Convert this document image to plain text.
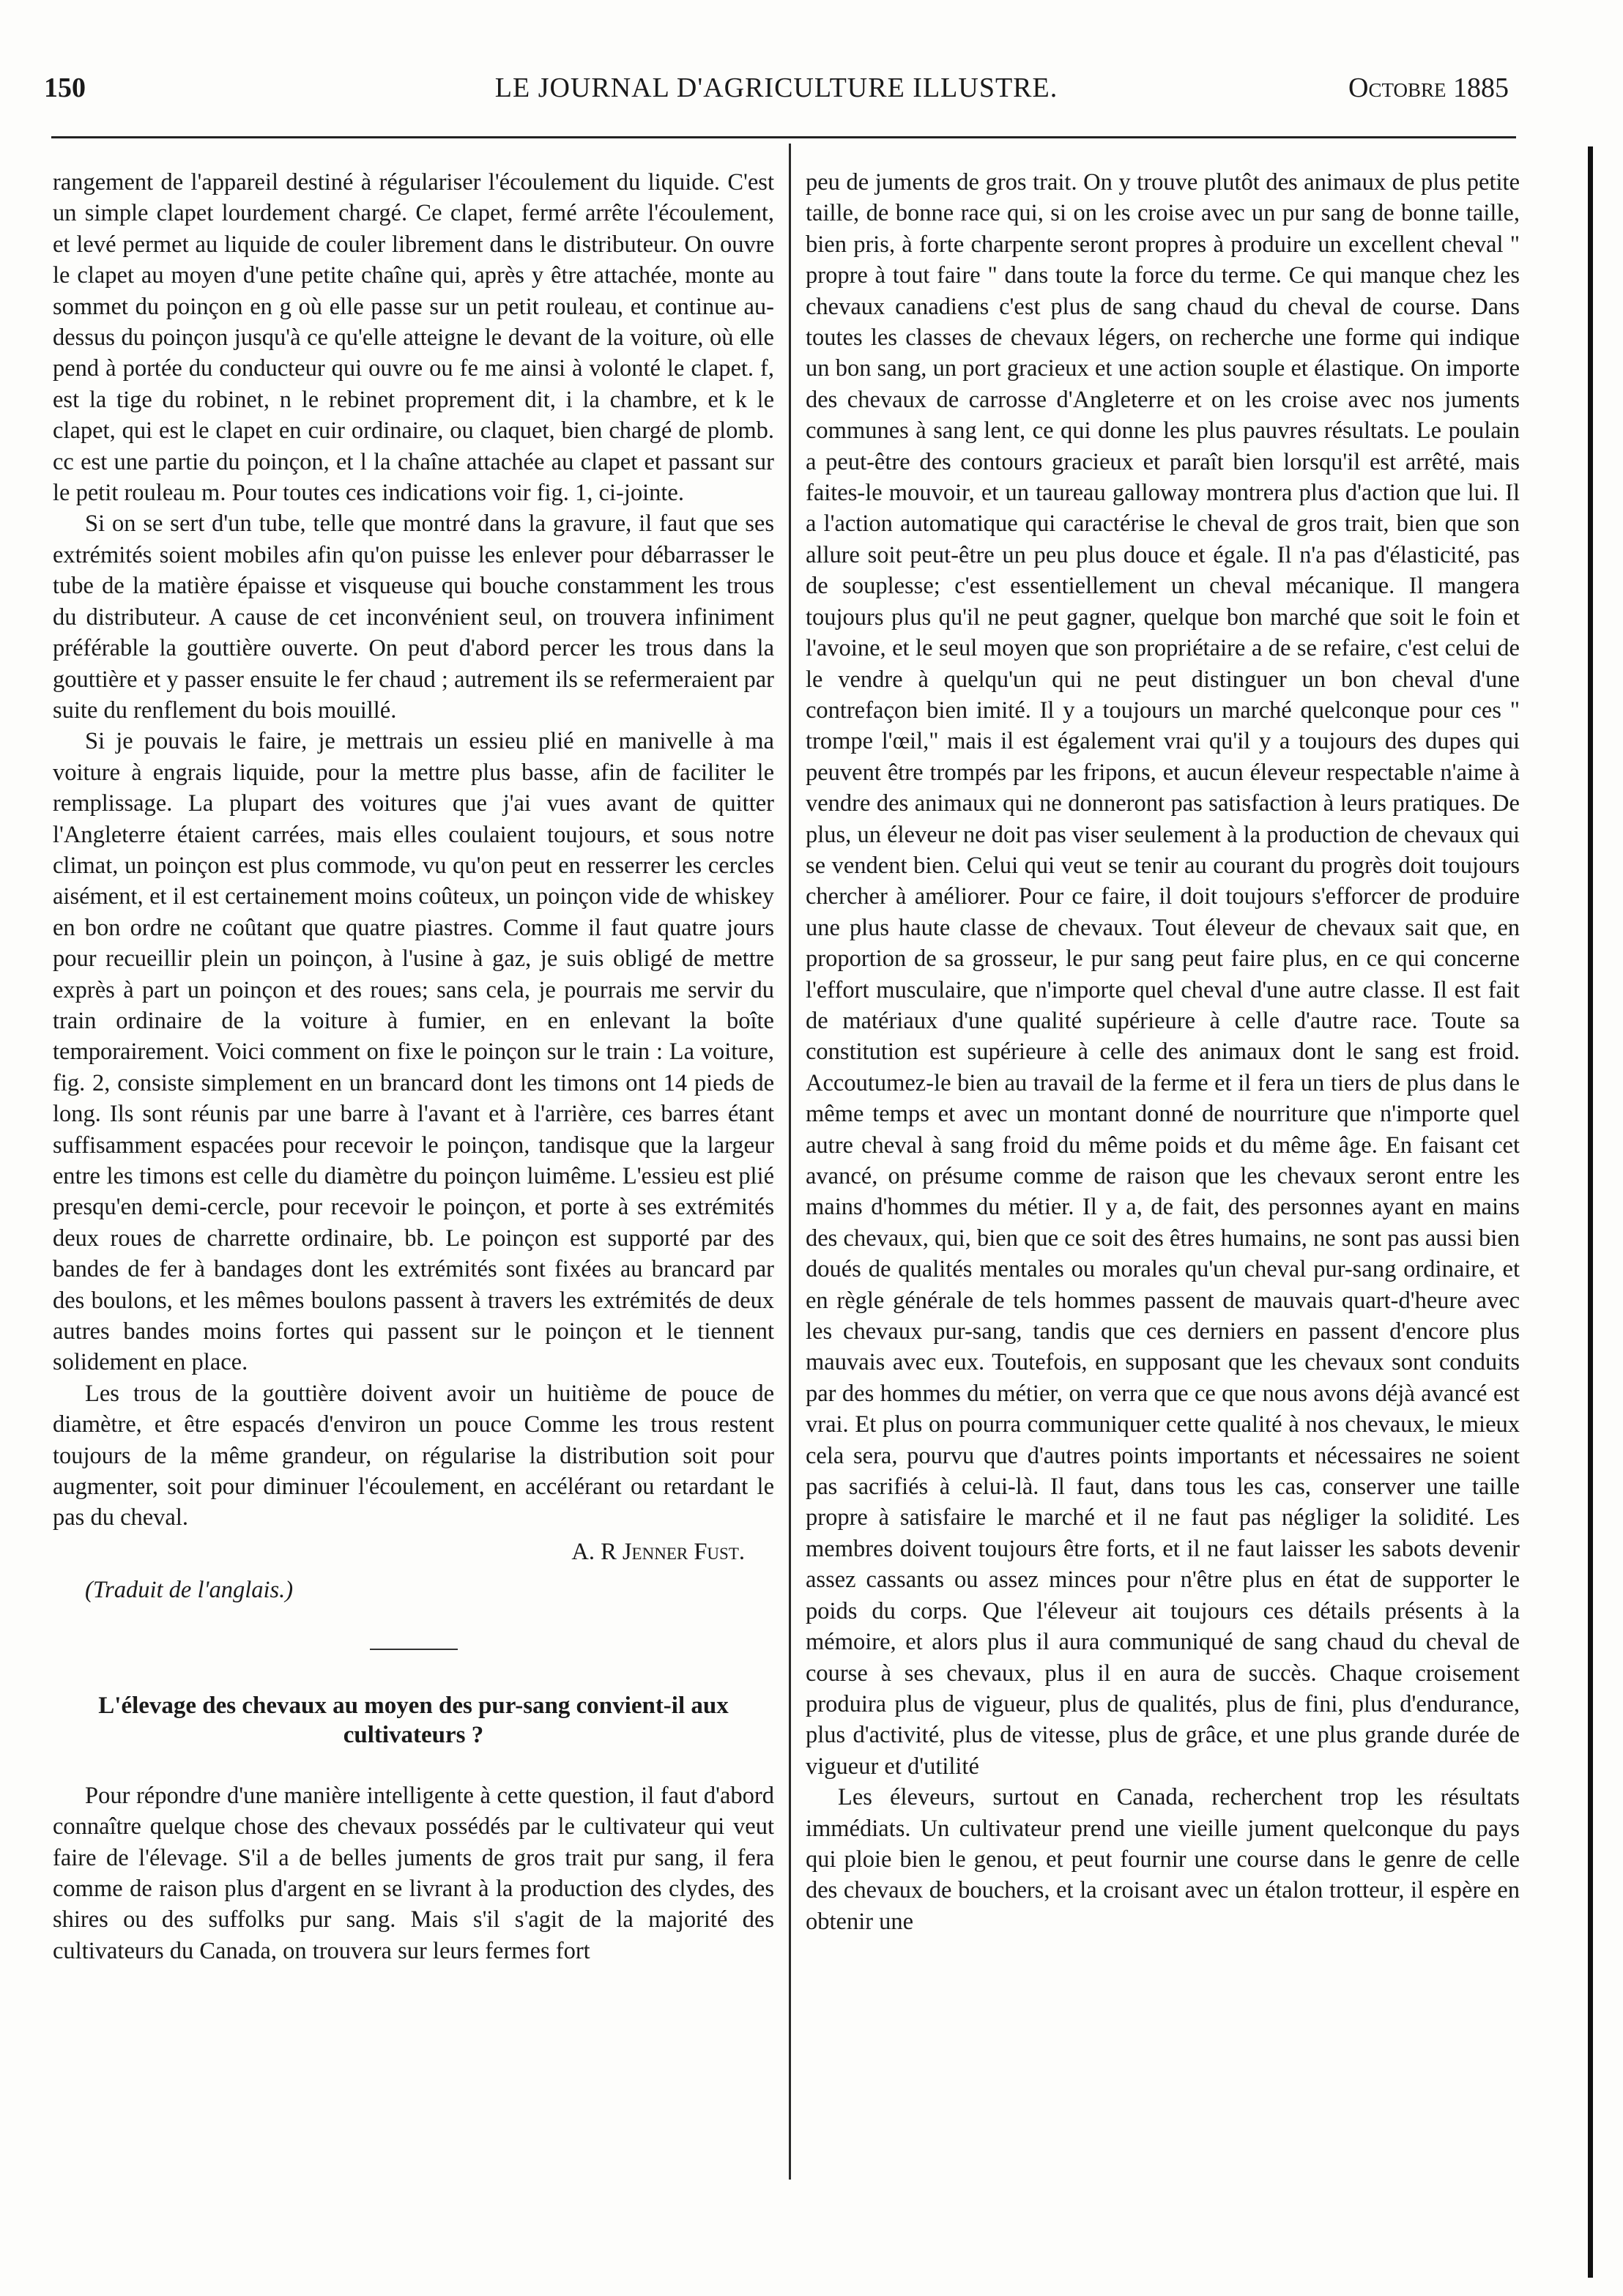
150	LE JOURNAL D'AGRICULTURE ILLUSTRE.	Octobre 1885

rangement de l'appareil destiné à régulariser l'écoulement du liquide. C'est un simple clapet lourdement chargé. Ce clapet, fermé arrête l'écoulement, et levé permet au liquide de couler librement dans le distributeur. On ouvre le clapet au moyen d'une petite chaîne qui, après y être attachée, monte au sommet du poinçon en g où elle passe sur un petit rouleau, et continue au-dessus du poinçon jusqu'à ce qu'elle atteigne le devant de la voiture, où elle pend à portée du conducteur qui ouvre ou fe me ainsi à volonté le clapet. f, est la tige du robinet, n le rebinet proprement dit, i la chambre, et k le clapet, qui est le clapet en cuir ordinaire, ou claquet, bien chargé de plomb. cc est une partie du poinçon, et l la chaîne attachée au clapet et passant sur le petit rouleau m. Pour toutes ces indications voir fig. 1, ci-jointe.

Si on se sert d'un tube, telle que montré dans la gravure, il faut que ses extrémités soient mobiles afin qu'on puisse les enlever pour débarrasser le tube de la matière épaisse et visqueuse qui bouche constamment les trous du distributeur. A cause de cet inconvénient seul, on trouvera infiniment préférable la gouttière ouverte. On peut d'abord percer les trous dans la gouttière et y passer ensuite le fer chaud ; autrement ils se refermeraient par suite du renflement du bois mouillé.

Si je pouvais le faire, je mettrais un essieu plié en manivelle à ma voiture à engrais liquide, pour la mettre plus basse, afin de faciliter le remplissage. La plupart des voitures que j'ai vues avant de quitter l'Angleterre étaient carrées, mais elles coulaient toujours, et sous notre climat, un poinçon est plus commode, vu qu'on peut en resserrer les cercles aisément, et il est certainement moins coûteux, un poinçon vide de whiskey en bon ordre ne coûtant que quatre piastres. Comme il faut quatre jours pour recueillir plein un poinçon, à l'usine à gaz, je suis obligé de mettre exprès à part un poinçon et des roues; sans cela, je pourrais me servir du train ordinaire de la voiture à fumier, en en enlevant la boîte temporairement. Voici comment on fixe le poinçon sur le train : La voiture, fig. 2, consiste simplement en un brancard dont les timons ont 14 pieds de long. Ils sont réunis par une barre à l'avant et à l'arrière, ces barres étant suffisamment espacées pour recevoir le poinçon, tandisque que la largeur entre les timons est celle du diamètre du poinçon luimême. L'essieu est plié presqu'en demi-cercle, pour recevoir le poinçon, et porte à ses extrémités deux roues de charrette ordinaire, bb. Le poinçon est supporté par des bandes de fer à bandages dont les extrémités sont fixées au brancard par des boulons, et les mêmes boulons passent à travers les extrémités de deux autres bandes moins fortes qui passent sur le poinçon et le tiennent solidement en place.

Les trous de la gouttière doivent avoir un huitième de pouce de diamètre, et être espacés d'environ un pouce Comme les trous restent toujours de la même grandeur, on régularise la distribution soit pour augmenter, soit pour diminuer l'écoulement, en accélérant ou retardant le pas du cheval.

A. R Jenner Fust.
(Traduit de l'anglais.)
L'élevage des chevaux au moyen des pur-sang convient-il aux cultivateurs ?

Pour répondre d'une manière intelligente à cette question, il faut d'abord connaître quelque chose des chevaux possédés par le cultivateur qui veut faire de l'élevage. S'il a de belles juments de gros trait pur sang, il fera comme de raison plus d'argent en se livrant à la production des clydes, des shires ou des suffolks pur sang. Mais s'il s'agit de la majorité des cultivateurs du Canada, on trouvera sur leurs fermes fort

peu de juments de gros trait. On y trouve plutôt des animaux de plus petite taille, de bonne race qui, si on les croise avec un pur sang de bonne taille, bien pris, à forte charpente seront propres à produire un excellent cheval " propre à tout faire " dans toute la force du terme. Ce qui manque chez les chevaux canadiens c'est plus de sang chaud du cheval de course. Dans toutes les classes de chevaux légers, on recherche une forme qui indique un bon sang, un port gracieux et une action souple et élastique. On importe des chevaux de carrosse d'Angleterre et on les croise avec nos juments communes à sang lent, ce qui donne les plus pauvres résultats. Le poulain a peut-être des contours gracieux et paraît bien lorsqu'il est arrêté, mais faites-le mouvoir, et un taureau galloway montrera plus d'action que lui. Il a l'action automatique qui caractérise le cheval de gros trait, bien que son allure soit peut-être un peu plus douce et égale. Il n'a pas d'élasticité, pas de souplesse; c'est essentiellement un cheval mécanique. Il mangera toujours plus qu'il ne peut gagner, quelque bon marché que soit le foin et l'avoine, et le seul moyen que son propriétaire a de se refaire, c'est celui de le vendre à quelqu'un qui ne peut distinguer un bon cheval d'une contrefaçon bien imité. Il y a toujours un marché quelconque pour ces " trompe l'œil," mais il est également vrai qu'il y a toujours des dupes qui peuvent être trompés par les fripons, et aucun éleveur respectable n'aime à vendre des animaux qui ne donneront pas satisfaction à leurs pratiques. De plus, un éleveur ne doit pas viser seulement à la production de chevaux qui se vendent bien. Celui qui veut se tenir au courant du progrès doit toujours chercher à améliorer. Pour ce faire, il doit toujours s'efforcer de produire une plus haute classe de chevaux. Tout éleveur de chevaux sait que, en proportion de sa grosseur, le pur sang peut faire plus, en ce qui concerne l'effort musculaire, que n'importe quel cheval d'une autre classe. Il est fait de matériaux d'une qualité supérieure à celle d'autre race. Toute sa constitution est supérieure à celle des animaux dont le sang est froid. Accoutumez-le bien au travail de la ferme et il fera un tiers de plus dans le même temps et avec un montant donné de nourriture que n'importe quel autre cheval à sang froid du même poids et du même âge. En faisant cet avancé, on présume comme de raison que les chevaux seront entre les mains d'hommes du métier. Il y a, de fait, des personnes ayant en mains des chevaux, qui, bien que ce soit des êtres humains, ne sont pas aussi bien doués de qualités mentales ou morales qu'un cheval pur-sang ordinaire, et en règle générale de tels hommes passent de mauvais quart-d'heure avec les chevaux pur-sang, tandis que ces derniers en passent d'encore plus mauvais avec eux. Toutefois, en supposant que les chevaux sont conduits par des hommes du métier, on verra que ce que nous avons déjà avancé est vrai. Et plus on pourra communiquer cette qualité à nos chevaux, le mieux cela sera, pourvu que d'autres points importants et nécessaires ne soient pas sacrifiés à celui-là. Il faut, dans tous les cas, conserver une taille propre à satisfaire le marché et il ne faut pas négliger la solidité. Les membres doivent toujours être forts, et il ne faut laisser les sabots devenir assez cassants ou assez minces pour n'être plus en état de supporter le poids du corps. Que l'éleveur ait toujours ces détails présents à la mémoire, et alors plus il aura communiqué de sang chaud du cheval de course à ses chevaux, plus il en aura de succès. Chaque croisement produira plus de vigueur, plus de qualités, plus de fini, plus d'endurance, plus d'activité, plus de vitesse, plus de grâce, et une plus grande durée de vigueur et d'utilité

Les éleveurs, surtout en Canada, recherchent trop les résultats immédiats. Un cultivateur prend une vieille jument quelconque du pays qui ploie bien le genou, et peut fournir une course dans le genre de celle des chevaux de bouchers, et la croisant avec un étalon trotteur, il espère en obtenir une
